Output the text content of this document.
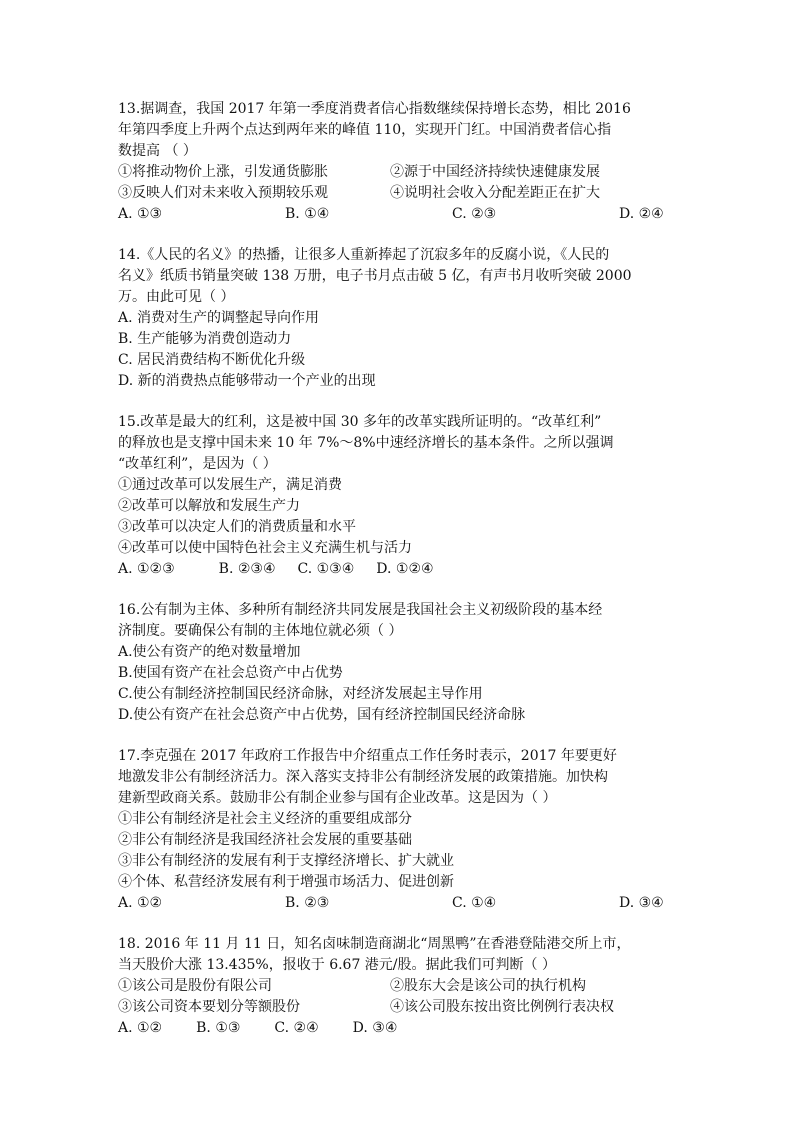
13.据调查，我国 2017 年第一季度消费者信心指数继续保持增长态势，相比 2016
年第四季度上升两个点达到两年来的峰值 110，实现开门红。中国消费者信心指
数提高 （ ）
①将推动物价上涨，引发通货膨胀	②源于中国经济持续快速健康发展
③反映人们对未来收入预期较乐观	④说明社会收入分配差距正在扩大
A. ①③	B. ①④	C. ②③	D. ②④
14.《人民的名义》的热播，让很多人重新捧起了沉寂多年的反腐小说，《人民的
名义》纸质书销量突破 138 万册，电子书月点击破 5 亿，有声书月收听突破 2000
万。由此可见（ ）
A. 消费对生产的调整起导向作用
B. 生产能够为消费创造动力
C. 居民消费结构不断优化升级
D. 新的消费热点能够带动一个产业的出现
15.改革是最大的红利，这是被中国 30 多年的改革实践所证明的。“改革红利”
的释放也是支撑中国未来 10 年 7%～8%中速经济增长的基本条件。之所以强调
“改革红利”，是因为（ ）
①通过改革可以发展生产，满足消费
②改革可以解放和发展生产力
③改革可以决定人们的消费质量和水平
④改革可以使中国特色社会主义充满生机与活力
A. ①②③	B. ②③④ C. ①③④ D. ①②④
16.公有制为主体、多种所有制经济共同发展是我国社会主义初级阶段的基本经
济制度。要确保公有制的主体地位就必须（ ）
A.使公有资产的绝对数量增加
B.使国有资产在社会总资产中占优势
C.使公有制经济控制国民经济命脉，对经济发展起主导作用
D.使公有资产在社会总资产中占优势，国有经济控制国民经济命脉
17.李克强在 2017 年政府工作报告中介绍重点工作任务时表示，2017 年要更好
地激发非公有制经济活力。深入落实支持非公有制经济发展的政策措施。加快构
建新型政商关系。鼓励非公有制企业参与国有企业改革。这是因为（ ）
①非公有制经济是社会主义经济的重要组成部分
②非公有制经济是我国经济社会发展的重要基础
③非公有制经济的发展有利于支撑经济增长、扩大就业
④个体、私营经济发展有利于增强市场活力、促进创新
A. ①②	B. ②③	C. ①④	D. ③④
18. 2016 年 11 月 11 日，知名卤味制造商湖北“周黑鸭”在香港登陆港交所上市，
当天股价大涨 13.435%，报收于 6.67 港元/股。据此我们可判断（ ）
①该公司是股份有限公司	②股东大会是该公司的执行机构
③该公司资本要划分等额股份	④该公司股东按出资比例例行表决权
A. ①② B. ①③ C. ②④ D. ③④
